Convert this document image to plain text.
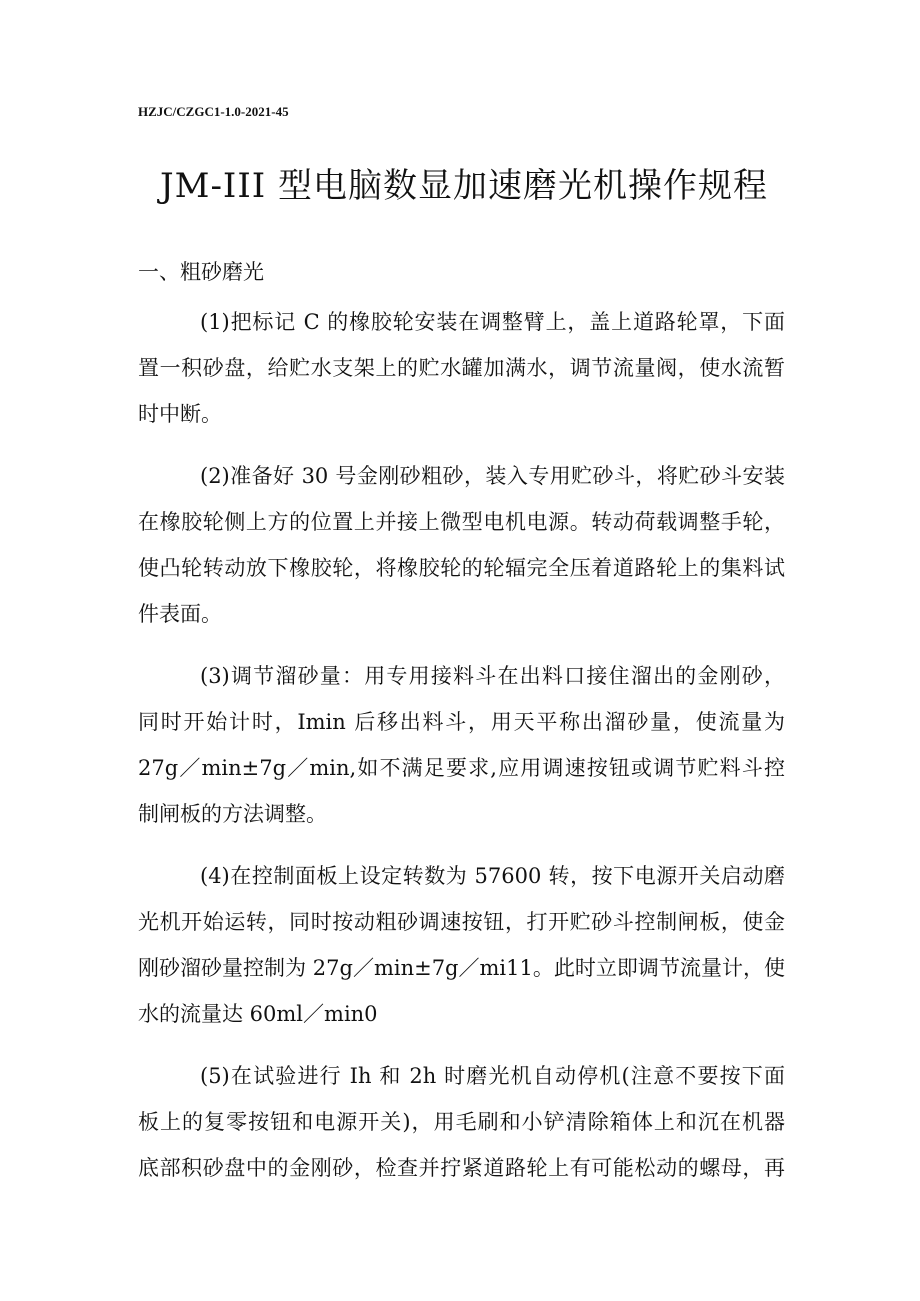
HZJC/CZGC1-1.0-2021-45
JM-III 型电脑数显加速磨光机操作规程
一、粗砂磨光
(1)把标记 C 的橡胶轮安装在调整臂上，盖上道路轮罩，下面
置一积砂盘，给贮水支架上的贮水罐加满水，调节流量阀，使水流暂
时中断。
(2)准备好 30 号金刚砂粗砂，装入专用贮砂斗，将贮砂斗安装
在橡胶轮侧上方的位置上并接上微型电机电源。转动荷载调整手轮，
使凸轮转动放下橡胶轮，将橡胶轮的轮辐完全压着道路轮上的集料试
件表面。
(3)调节溜砂量：用专用接料斗在出料口接住溜出的金刚砂，
同时开始计时，Imin 后移出料斗，用天平称出溜砂量，使流量为
27g／min±7g／min,如不满足要求,应用调速按钮或调节贮料斗控
制闸板的方法调整。
(4)在控制面板上设定转数为 57600 转，按下电源开关启动磨
光机开始运转，同时按动粗砂调速按钮，打开贮砂斗控制闸板，使金
刚砂溜砂量控制为 27g／min±7g／mi11。此时立即调节流量计，使
水的流量达 60ml／min0
(5)在试验进行 Ih 和 2h 时磨光机自动停机(注意不要按下面
板上的复零按钮和电源开关)，用毛刷和小铲清除箱体上和沉在机器
底部积砂盘中的金刚砂，检查并拧紧道路轮上有可能松动的螺母，再
